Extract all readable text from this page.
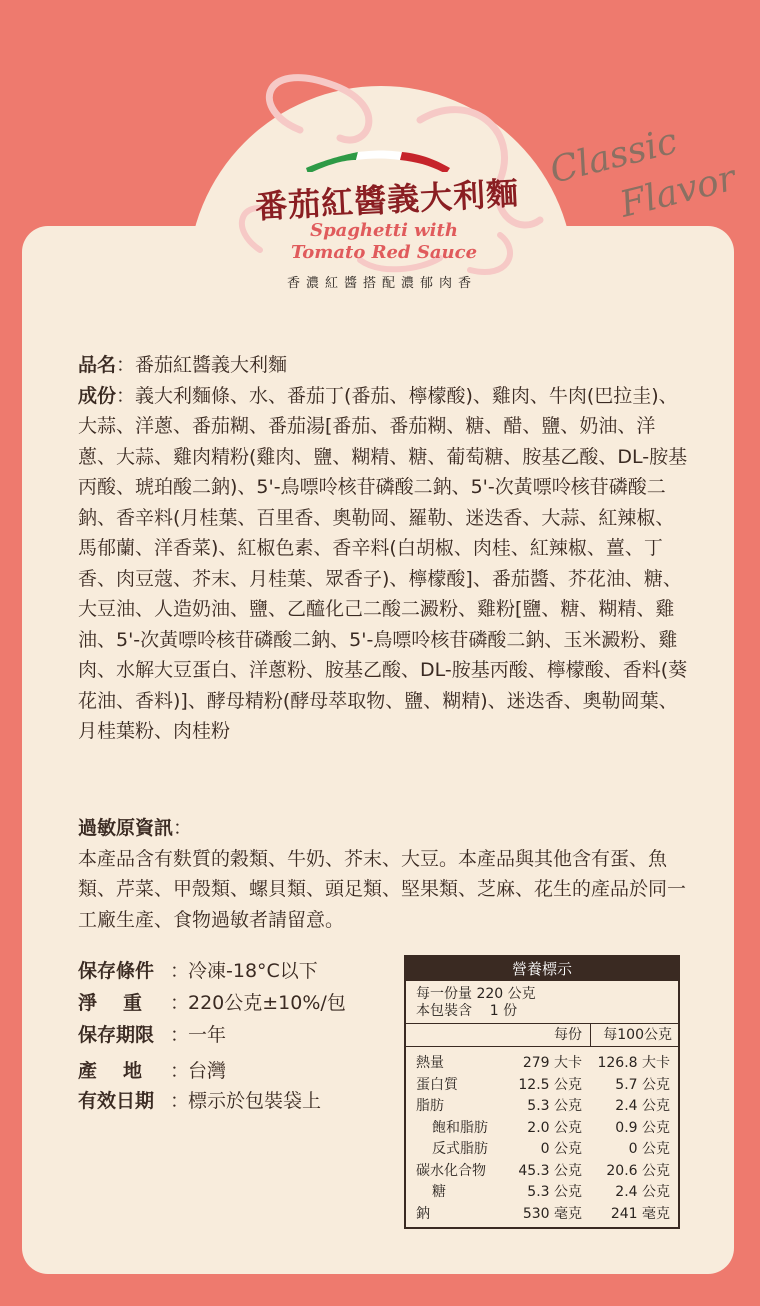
番茄紅醬義大利麵
Spaghetti with
Tomato Red Sauce
香濃紅醬搭配濃郁肉香
Classic
Flavor
品名：番茄紅醬義大利麵
成份：義大利麵條、水、番茄丁(番茄、檸檬酸)、雞肉、牛肉(巴拉圭)、大蒜、洋蔥、番茄糊、番茄湯[番茄、番茄糊、糖、醋、鹽、奶油、洋蔥、大蒜、雞肉精粉(雞肉、鹽、糊精、糖、葡萄糖、胺基乙酸、DL-胺基丙酸、琥珀酸二鈉)、5'-鳥嘌呤核苷磷酸二鈉、5'-次黃嘌呤核苷磷酸二鈉、香辛料(月桂葉、百里香、奧勒岡、羅勒、迷迭香、大蒜、紅辣椒、馬郁蘭、洋香菜)、紅椒色素、香辛料(白胡椒、肉桂、紅辣椒、薑、丁香、肉豆蔻、芥末、月桂葉、眾香子)、檸檬酸]、番茄醬、芥花油、糖、大豆油、人造奶油、鹽、乙醯化己二酸二澱粉、雞粉[鹽、糖、糊精、雞油、5'-次黃嘌呤核苷磷酸二鈉、5'-鳥嘌呤核苷磷酸二鈉、玉米澱粉、雞肉、水解大豆蛋白、洋蔥粉、胺基乙酸、DL-胺基丙酸、檸檬酸、香料(葵花油、香料)]、酵母精粉(酵母萃取物、鹽、糊精)、迷迭香、奧勒岡葉、月桂葉粉、肉桂粉
過敏原資訊：
本產品含有麩質的穀類、牛奶、芥末、大豆。本產品與其他含有蛋、魚類、芹菜、甲殼類、螺貝類、頭足類、堅果類、芝麻、花生的產品於同一工廠生產、食物過敏者請留意。
保存條件 ：
冷凍-18°C以下
淨重 ：
220公克±10%/包
保存期限 ：
一年
產地 ：
台灣
有效日期 ：
標示於包裝袋上
營養標示
每一份量 220 公克
本包裝含    1 份
每份 每100公克
熱量	279 大卡 126.8 大卡
蛋白質	12.5 公克 5.7 公克
脂肪	5.3 公克 2.4 公克
飽和脂肪	2.0 公克 0.9 公克
反式脂肪	0 公克	0 公克
碳水化合物 45.3 公克 20.6 公克
糖	5.3 公克 2.4 公克
鈉	530 毫克 241 毫克
